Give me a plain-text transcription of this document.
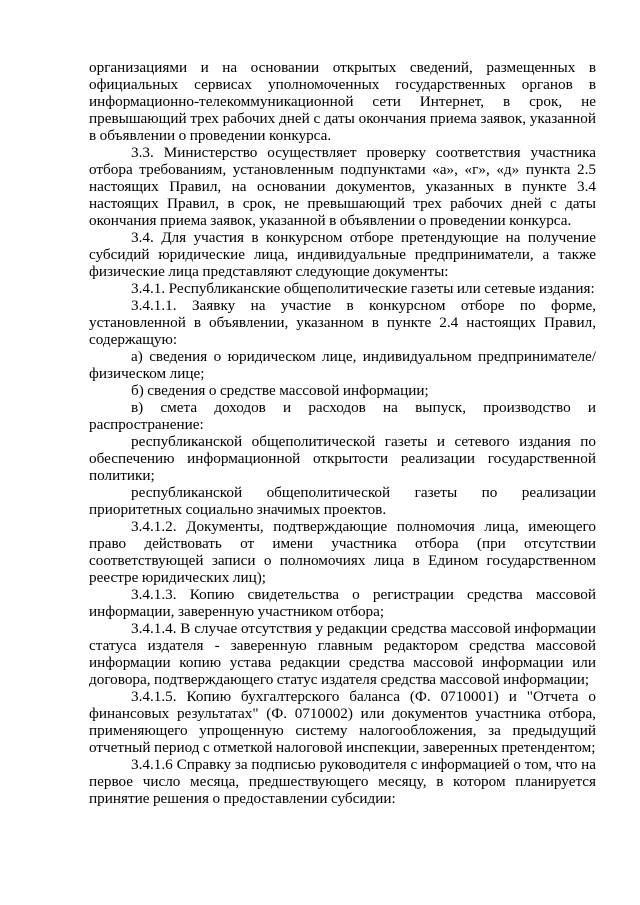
организациями и на основании открытых сведений, размещенных в официальных сервисах уполномоченных государственных органов в информационно-телекоммуникационной сети Интернет, в срок, не превышающий трех рабочих дней с даты окончания приема заявок, указанной в объявлении о проведении конкурса.

3.3. Министерство осуществляет проверку соответствия участника отбора требованиям, установленным подпунктами «а», «г», «д» пункта 2.5 настоящих Правил, на основании документов, указанных в пункте 3.4 настоящих Правил, в срок, не превышающий трех рабочих дней с даты окончания приема заявок, указанной в объявлении о проведении конкурса.

3.4. Для участия в конкурсном отборе претендующие на получение субсидий юридические лица, индивидуальные предприниматели, а также физические лица представляют следующие документы:

3.4.1. Республиканские общеполитические газеты или сетевые издания:

3.4.1.1. Заявку на участие в конкурсном отборе по форме, установленной в объявлении, указанном в пункте 2.4 настоящих Правил, содержащую:

а) сведения о юридическом лице, индивидуальном предпринимателе/ физическом лице;

б) сведения о средстве массовой информации;

в) смета доходов и расходов на выпуск, производство и распространение:

республиканской общеполитической газеты и сетевого издания по обеспечению информационной открытости реализации государственной политики;

республиканской общеполитической газеты по реализации приоритетных социально значимых проектов.

3.4.1.2. Документы, подтверждающие полномочия лица, имеющего право действовать от имени участника отбора (при отсутствии соответствующей записи о полномочиях лица в Едином государственном реестре юридических лиц);

3.4.1.3. Копию свидетельства о регистрации средства массовой информации, заверенную участником отбора;

3.4.1.4. В случае отсутствия у редакции средства массовой информации статуса издателя - заверенную главным редактором средства массовой информации копию устава редакции средства массовой информации или договора, подтверждающего статус издателя средства массовой информации;

3.4.1.5. Копию бухгалтерского баланса (Ф. 0710001) и "Отчета о финансовых результатах" (Ф. 0710002) или документов участника отбора, применяющего упрощенную систему налогообложения, за предыдущий отчетный период с отметкой налоговой инспекции, заверенных претендентом;

3.4.1.6 Справку за подписью руководителя с информацией о том, что на первое число месяца, предшествующего месяцу, в котором планируется принятие решения о предоставлении субсидии:
